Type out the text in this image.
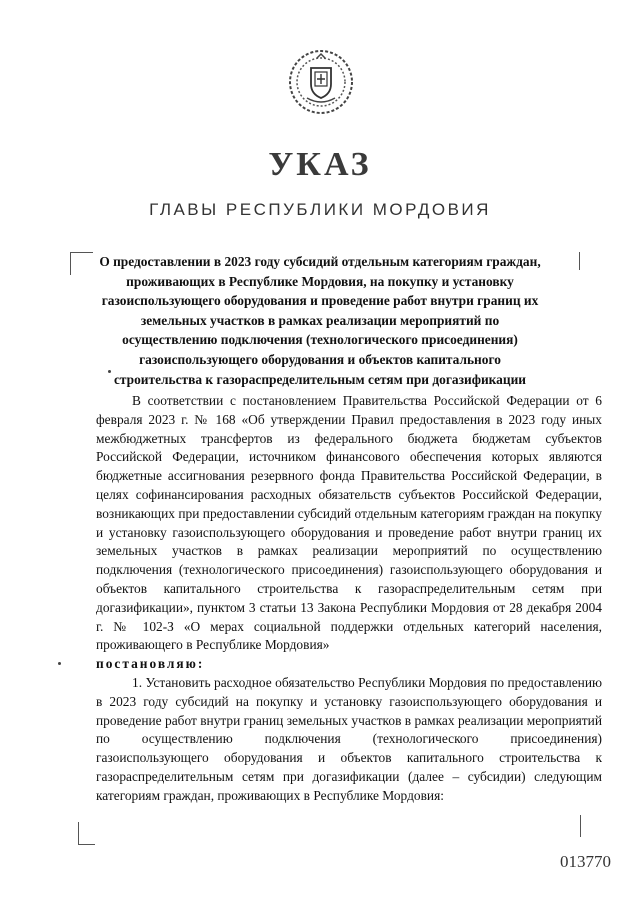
УКАЗ
ГЛАВЫ РЕСПУБЛИКИ МОРДОВИЯ
О предоставлении в 2023 году субсидий отдельным категориям граждан, проживающих в Республике Мордовия, на покупку и установку газоиспользующего оборудования и проведение работ внутри границ их земельных участков в рамках реализации мероприятий по осуществлению подключения (технологического присоединения) газоиспользующего оборудования и объектов капитального строительства к газораспределительным сетям при догазификации

В соответствии с постановлением Правительства Российской Федерации от 6 февраля 2023 г. № 168 «Об утверждении Правил предоставления в 2023 году иных межбюджетных трансфертов из федерального бюджета бюджетам субъектов Российской Федерации, источником финансового обеспечения которых являются бюджетные ассигнования резервного фонда Правительства Российской Федерации, в целях софинансирования расходных обязательств субъектов Российской Федерации, возникающих при предоставлении субсидий отдельным категориям граждан на покупку и установку газоиспользующего оборудования и проведение работ внутри границ их земельных участков в рамках реализации мероприятий по осуществлению подключения (технологического присоединения) газоиспользующего оборудования и объектов капитального строительства к газораспределительным сетям при догазификации», пунктом 3 статьи 13 Закона Республики Мордовия от 28 декабря 2004 г. № 102-З «О мерах социальной поддержки отдельных категорий населения, проживающего в Республике Мордовия»

постановляю:

1. Установить расходное обязательство Республики Мордовия по предоставлению в 2023 году субсидий на покупку и установку газоиспользующего оборудования и проведение работ внутри границ земельных участков в рамках реализации мероприятий по осуществлению подключения (технологического присоединения) газоиспользующего оборудования и объектов капитального строительства к газораспределительным сетям при догазификации (далее – субсидии) следующим категориям граждан, проживающих в Республике Мордовия:

013770
